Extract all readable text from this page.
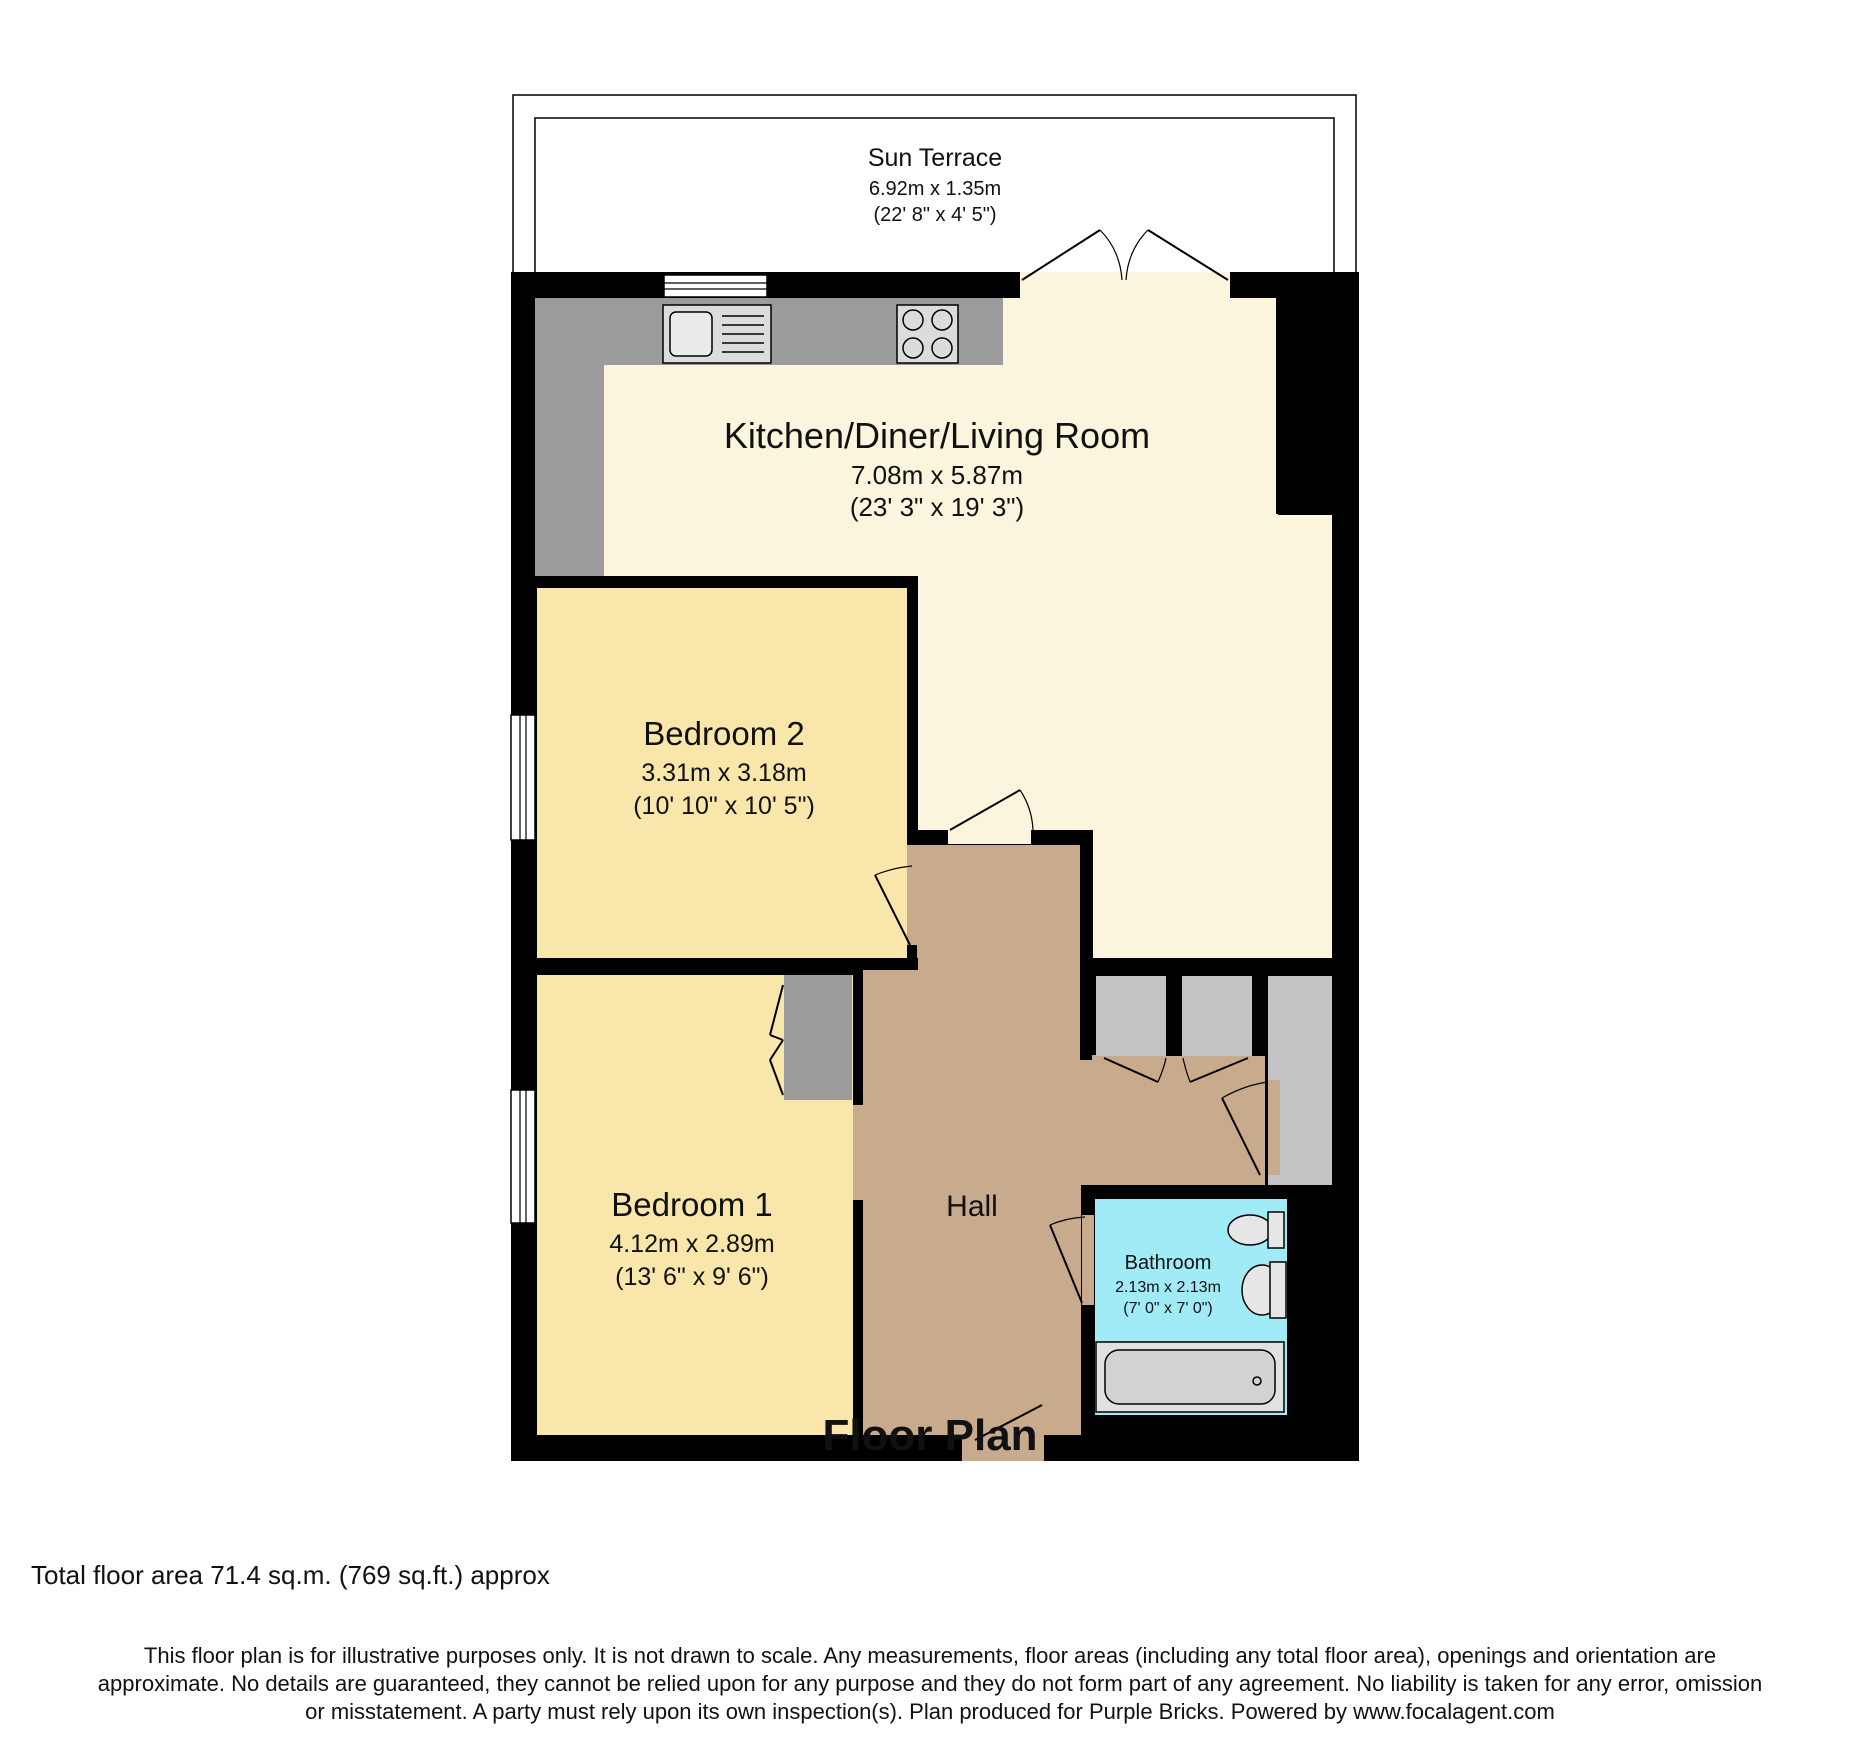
Sun Terrace
6.92m x 1.35m
(22' 8" x 4' 5")
Kitchen/Diner/Living Room
7.08m x 5.87m
(23' 3" x 19' 3")
Bedroom 2
3.31m x 3.18m
(10' 10" x 10' 5")
Bedroom 1
4.12m x 2.89m
(13' 6" x 9' 6")
Hall
Bathroom
2.13m x 2.13m
(7' 0" x 7' 0")
Floor Plan
Total floor area 71.4 sq.m. (769 sq.ft.) approx
This floor plan is for illustrative purposes only. It is not drawn to scale. Any measurements, floor areas (including any total floor area), openings and orientation are
approximate. No details are guaranteed, they cannot be relied upon for any purpose and they do not form part of any agreement. No liability is taken for any error, omission
or misstatement. A party must rely upon its own inspection(s). Plan produced for Purple Bricks. Powered by www.focalagent.com
